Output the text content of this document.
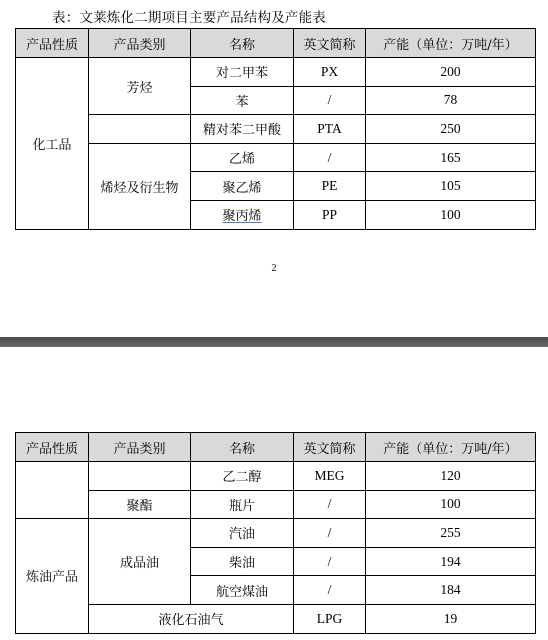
表：文莱炼化二期项目主要产品结构及产能表
产品性质	产品类别	名称	英文简称	产能（单位：万吨/年）
化工品	芳烃	对二甲苯	PX	200
		苯	/	78
		精对苯二甲酸	PTA	250
	烯烃及衍生物	乙烯	/	165
		聚乙烯	PE	105
		聚丙烯	PP	100
2
产品性质	产品类别	名称	英文简称	产能（单位：万吨/年）
		乙二醇	MEG	120
	聚酯	瓶片	/	100
炼油产品	成品油	汽油	/	255
		柴油	/	194
		航空煤油	/	184
	液化石油气		LPG	19
